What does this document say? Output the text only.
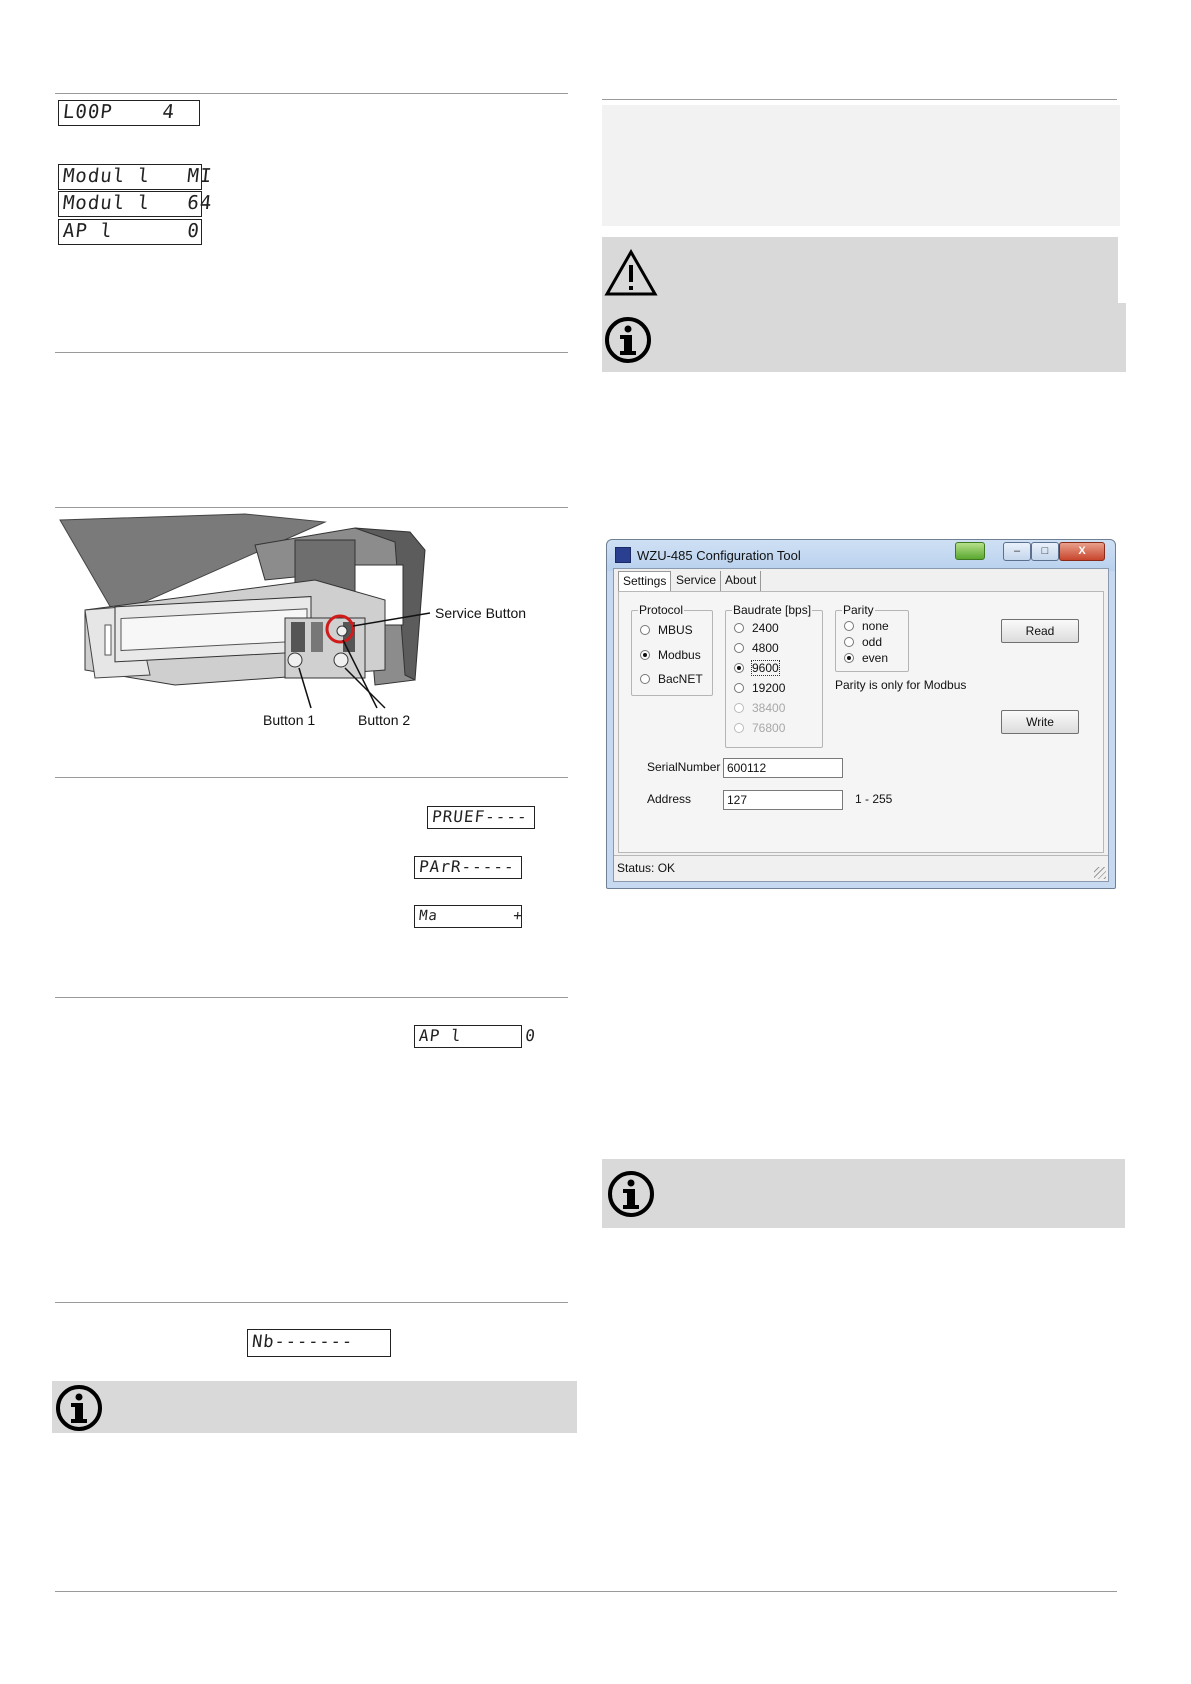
L00P    4
Modul l   MI
Modul l   64
AP l      0
Service Button
Button 1	Button 2
PRUEF----
PArR-----
Ma        +
AP l      0
Nb-------
WZU-485 Configuration Tool	–	□	X
Settings Service About
Protocol
MBUS
Modbus
BacNET
Baudrate [bps]
2400
4800
9600
19200
38400
76800
Parity
none
odd
even
Parity is only for Modbus
Read
Write
SerialNumber 600112
Address	127	1 - 255
Status: OK
